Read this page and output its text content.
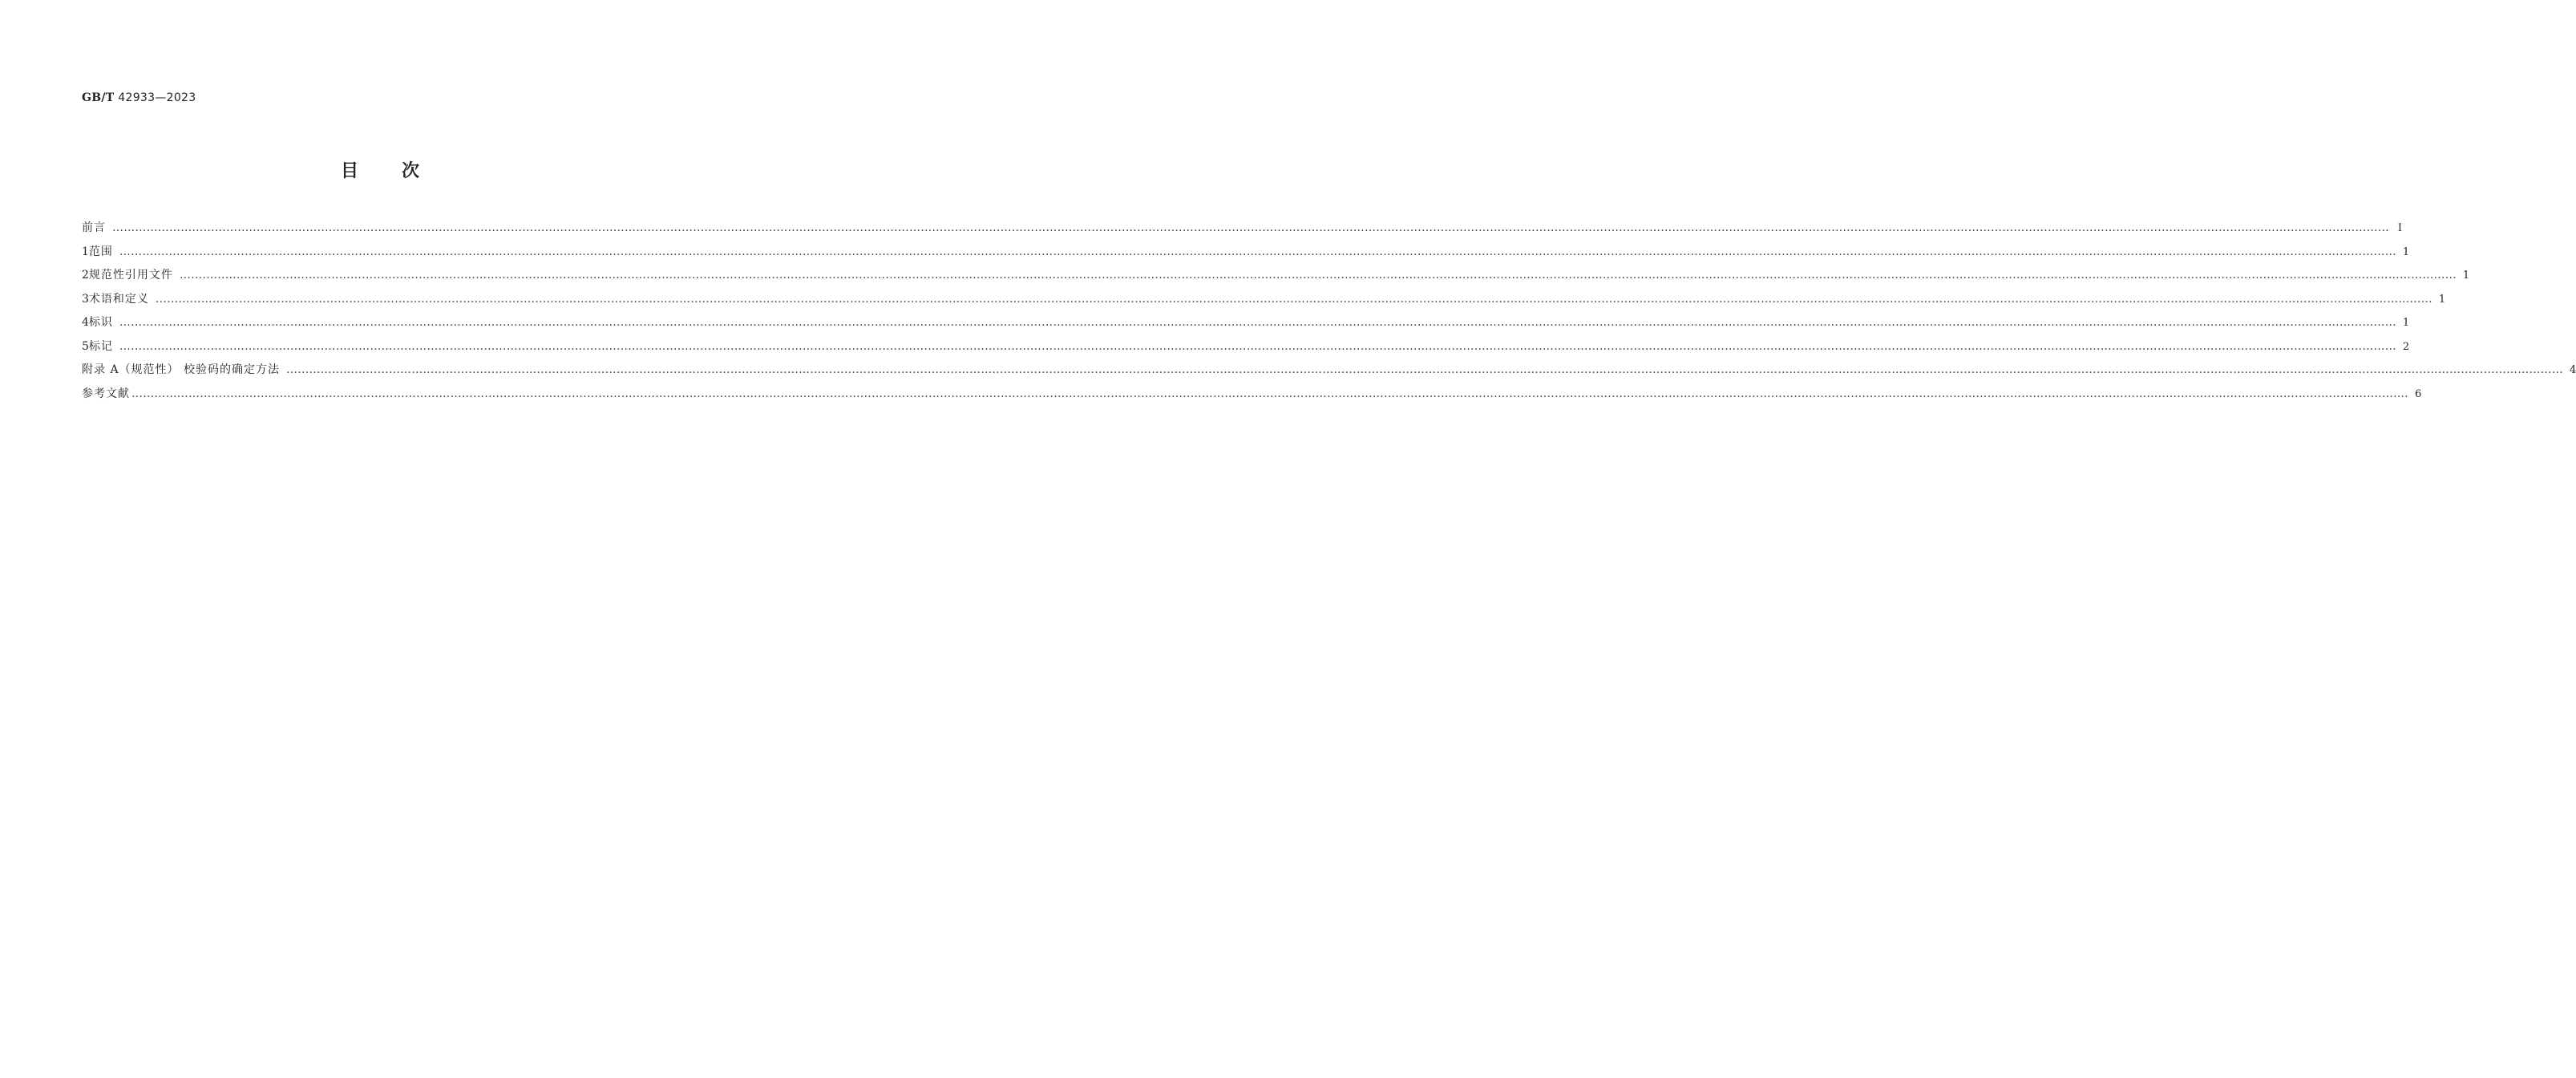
GB/T 42933—2023
目 次
前言 …………………………………………………………………………………………………………………………………………………………………………………………………………………………………………………………………………………………………………………………………………………………………………………………………………………………………………………………………………………………………………………………………………………… Ⅰ
1 范围 …………………………………………………………………………………………………………………………………………………………………………………………………………………………………………………………………………………………………………………………………………………………………………………………………………………………………………………………………………………………………………………………………………………… 1
2 规范性引用文件 …………………………………………………………………………………………………………………………………………………………………………………………………………………………………………………………………………………………………………………………………………………………………………………………………………………………………………………………………………………………………………………………………………………… 1
3 术语和定义 …………………………………………………………………………………………………………………………………………………………………………………………………………………………………………………………………………………………………………………………………………………………………………………………………………………………………………………………………………………………………………………………………………………… 1
4 标识 …………………………………………………………………………………………………………………………………………………………………………………………………………………………………………………………………………………………………………………………………………………………………………………………………………………………………………………………………………………………………………………………………………………… 1
5 标记 …………………………………………………………………………………………………………………………………………………………………………………………………………………………………………………………………………………………………………………………………………………………………………………………………………………………………………………………………………………………………………………………………………………… 2
附录 A（规范性） 校验码的确定方法 …………………………………………………………………………………………………………………………………………………………………………………………………………………………………………………………………………………………………………………………………………………………………………………………………………………………………………………………………………………………………………………………………………………… 4
参考文献 …………………………………………………………………………………………………………………………………………………………………………………………………………………………………………………………………………………………………………………………………………………………………………………………………………………………………………………………………………………………………………………………………………………… 6
